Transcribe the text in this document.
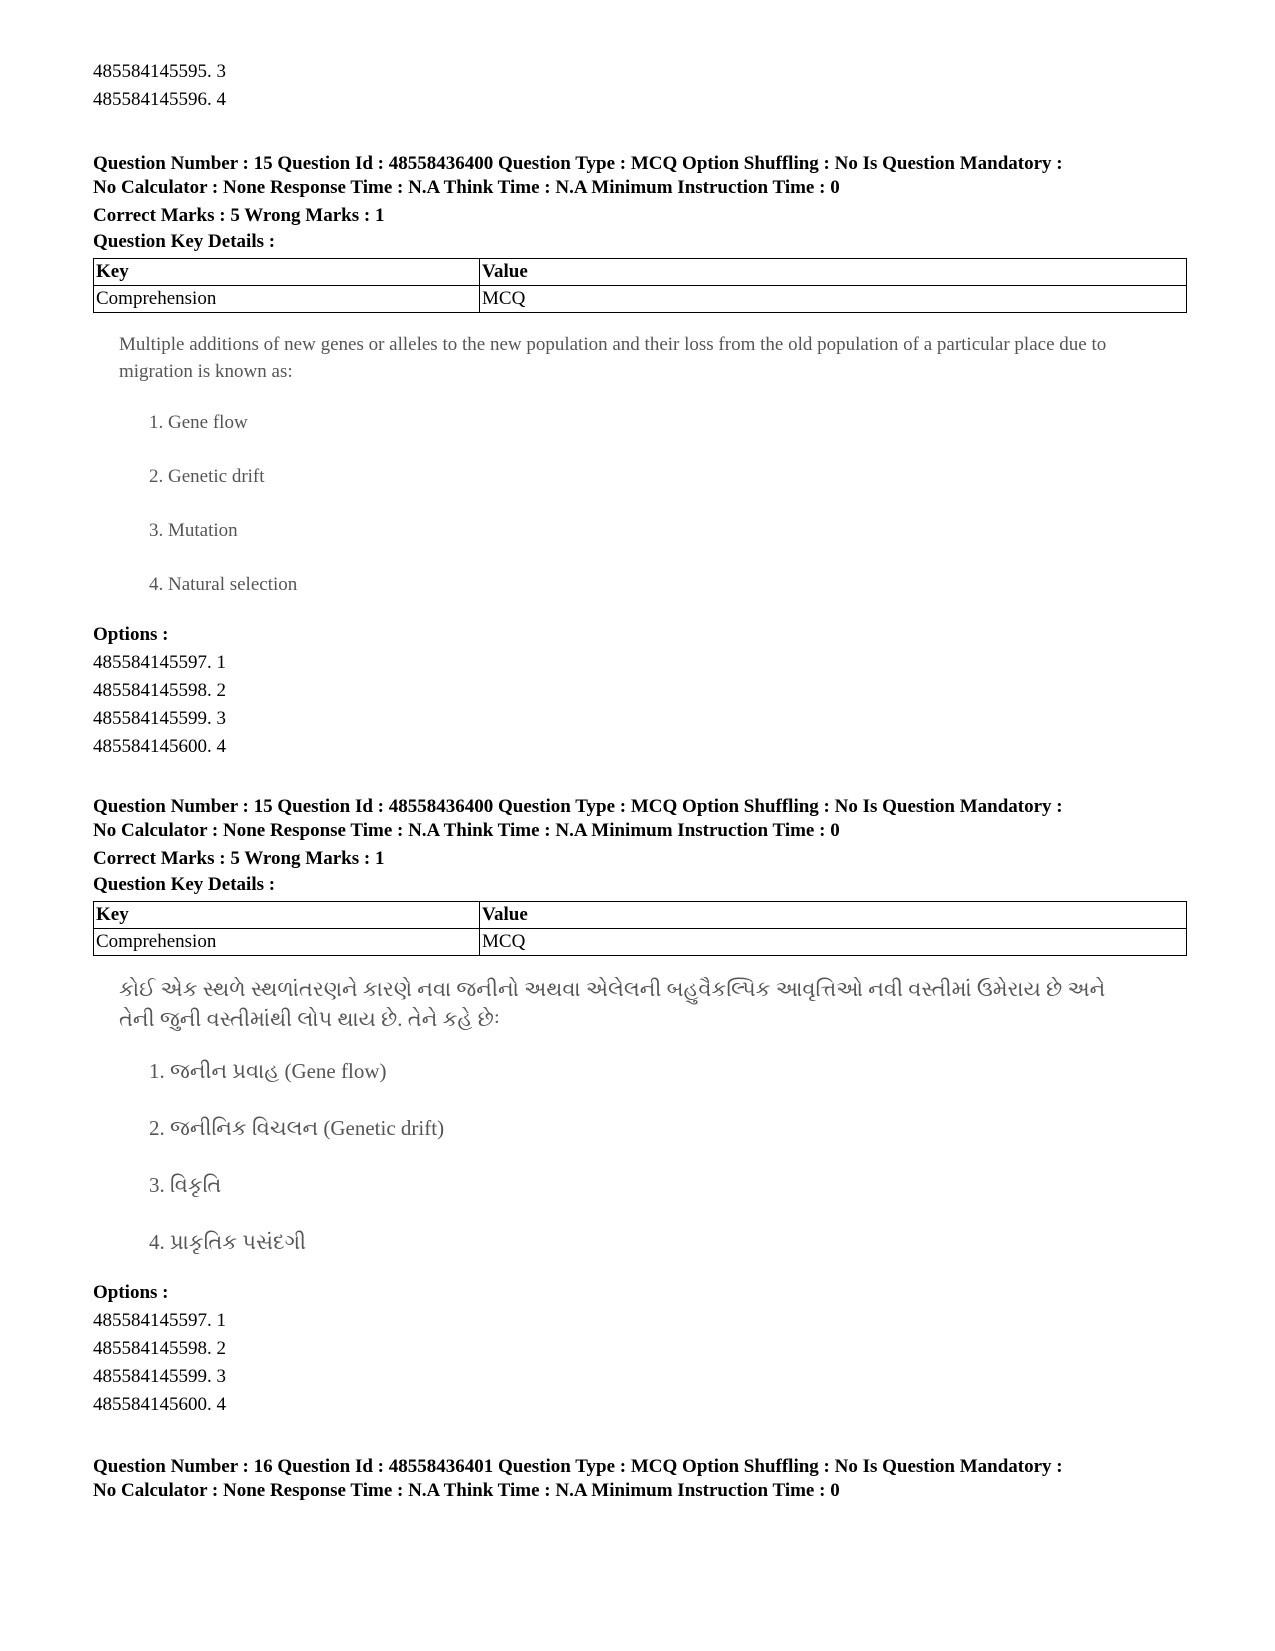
485584145595. 3
485584145596. 4
Question Number : 15 Question Id : 48558436400 Question Type : MCQ Option Shuffling : No Is Question Mandatory :
No Calculator : None Response Time : N.A Think Time : N.A Minimum Instruction Time : 0
Correct Marks : 5 Wrong Marks : 1
Question Key Details :
Key	Value
Comprehension	MCQ
Multiple additions of new genes or alleles to the new population and their loss from the old population of a particular place due to migration is known as:
1. Gene flow
2. Genetic drift
3. Mutation
4. Natural selection
Options :
485584145597. 1
485584145598. 2
485584145599. 3
485584145600. 4
Question Number : 15 Question Id : 48558436400 Question Type : MCQ Option Shuffling : No Is Question Mandatory :
No Calculator : None Response Time : N.A Think Time : N.A Minimum Instruction Time : 0
Correct Marks : 5 Wrong Marks : 1
Question Key Details :
Key	Value
Comprehension	MCQ
કોઈ એક સ્થળે સ્થળાંતરણને કારણે નવા જનીનો અથવા એલેલની બહુવૈકલ્પિક આવૃત્તિઓ નવી વસ્તીમાં ઉમેરાય છે અને તેની જુની વસ્તીમાંથી લોપ થાય છે. તેને કહે છેઃ
1. જનીન પ્રવાહ (Gene flow)
2. જનીનિક વિચલન (Genetic drift)
3. વિકૃતિ
4. પ્રાકૃતિક પસંદગી
Options :
485584145597. 1
485584145598. 2
485584145599. 3
485584145600. 4
Question Number : 16 Question Id : 48558436401 Question Type : MCQ Option Shuffling : No Is Question Mandatory :
No Calculator : None Response Time : N.A Think Time : N.A Minimum Instruction Time : 0
